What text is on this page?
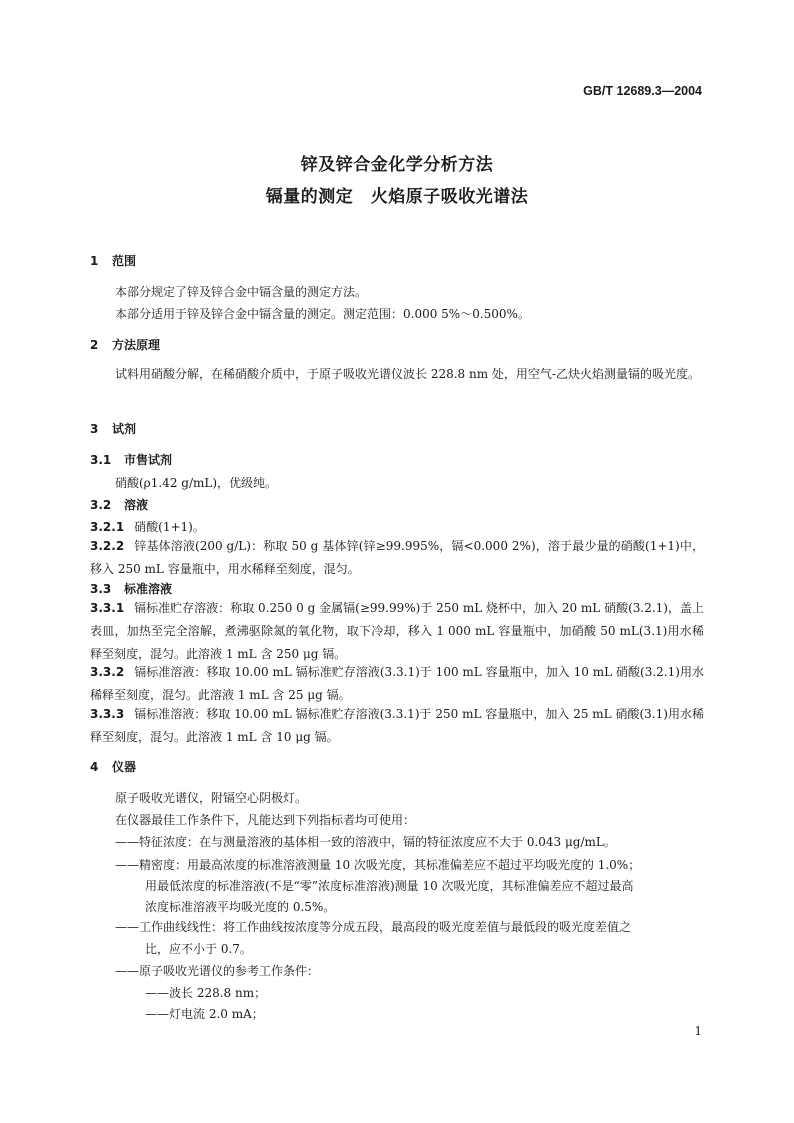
GB/T 12689.3—2004
锌及锌合金化学分析方法
镉量的测定　火焰原子吸收光谱法
1 范围
本部分规定了锌及锌合金中镉含量的测定方法。
本部分适用于锌及锌合金中镉含量的测定。测定范围：0.000 5%～0.500%。
2 方法原理
试料用硝酸分解，在稀硝酸介质中，于原子吸收光谱仪波长 228.8 nm 处，用空气-乙炔火焰测量镉的吸光度。
3 试剂
3.1 市售试剂
硝酸(ρ1.42 g/mL)，优级纯。
3.2 溶液
3.2.1 硝酸(1+1)。
3.2.2 锌基体溶液(200 g/L)：称取 50 g 基体锌(锌≥99.995%，镉<0.000 2%)，溶于最少量的硝酸(1+1)中，移入 250 mL 容量瓶中，用水稀释至刻度，混匀。
3.3 标准溶液
3.3.1 镉标准贮存溶液：称取 0.250 0 g 金属镉(≥99.99%)于 250 mL 烧杯中，加入 20 mL 硝酸(3.2.1)，盖上表皿，加热至完全溶解，煮沸驱除氮的氧化物，取下冷却，移入 1 000 mL 容量瓶中，加硝酸 50 mL(3.1)用水稀释至刻度，混匀。此溶液 1 mL 含 250 μg 镉。
3.3.2 镉标准溶液：移取 10.00 mL 镉标准贮存溶液(3.3.1)于 100 mL 容量瓶中，加入 10 mL 硝酸(3.2.1)用水稀释至刻度，混匀。此溶液 1 mL 含 25 μg 镉。
3.3.3 镉标准溶液：移取 10.00 mL 镉标准贮存溶液(3.3.1)于 250 mL 容量瓶中，加入 25 mL 硝酸(3.1)用水稀释至刻度，混匀。此溶液 1 mL 含 10 μg 镉。
4 仪器
原子吸收光谱仪，附镉空心阴极灯。
在仪器最佳工作条件下，凡能达到下列指标者均可使用：
——特征浓度：在与测量溶液的基体相一致的溶液中，镉的特征浓度应不大于 0.043 μg/mL。
——精密度：用最高浓度的标准溶液测量 10 次吸光度，其标准偏差应不超过平均吸光度的 1.0%；
用最低浓度的标准溶液(不是“零”浓度标准溶液)测量 10 次吸光度，其标准偏差应不超过最高
浓度标准溶液平均吸光度的 0.5%。
——工作曲线线性：将工作曲线按浓度等分成五段，最高段的吸光度差值与最低段的吸光度差值之
比，应不小于 0.7。
——原子吸收光谱仪的参考工作条件：
——波长 228.8 nm；
——灯电流 2.0 mA；
1
